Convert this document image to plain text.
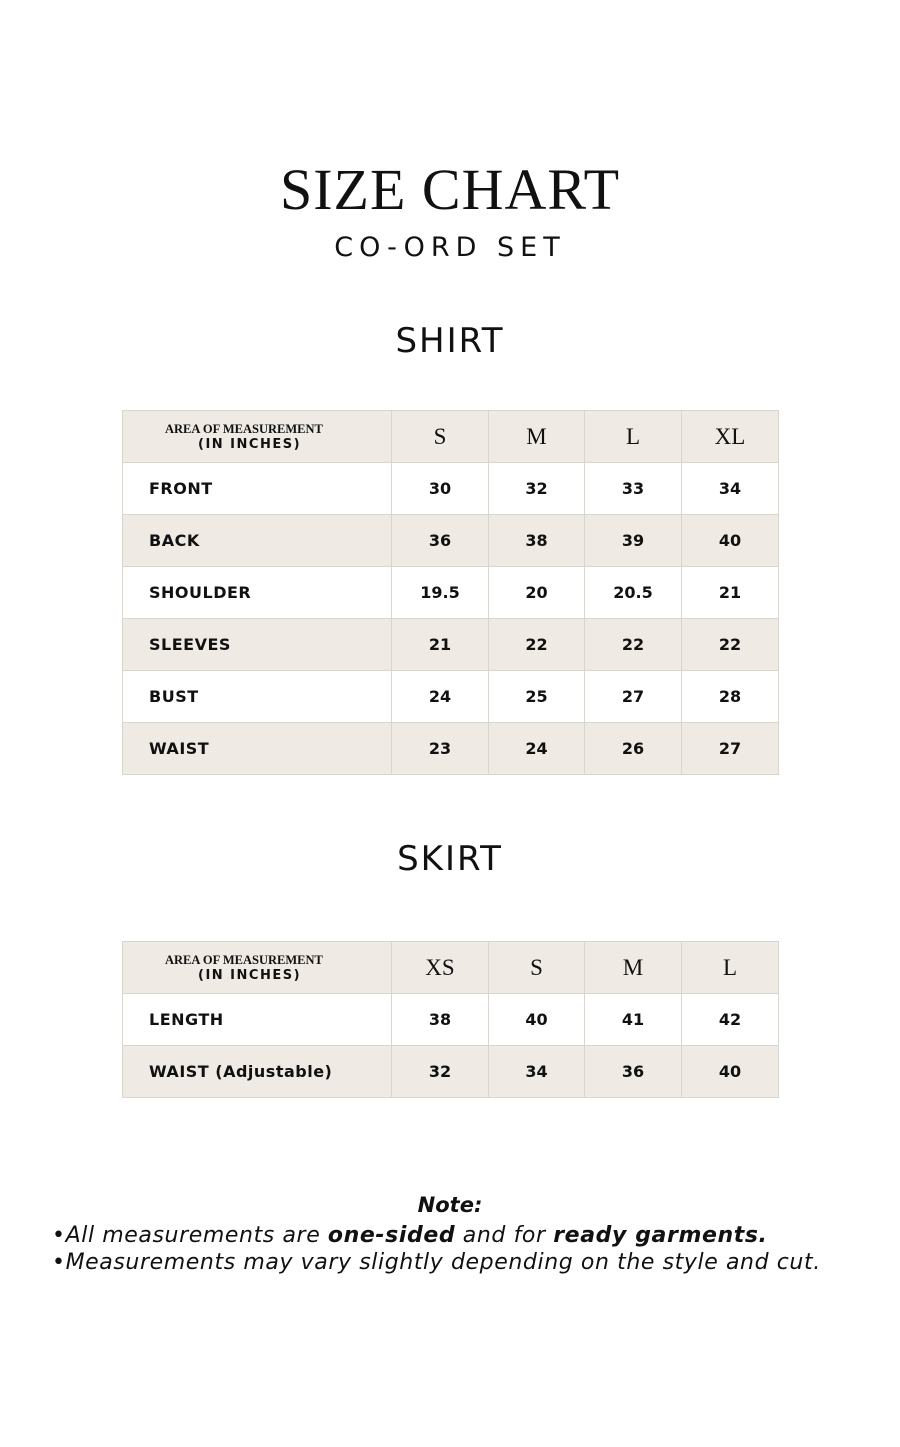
SIZE CHART
CO-ORD SET
SHIRT
AREA OF MEASUREMENT
(IN INCHES)	S	M	L	XL
FRONT	30	32	33	34
BACK	36	38	39	40
SHOULDER	19.5	20	20.5	21
SLEEVES	21	22	22	22
BUST	24	25	27	28
WAIST	23	24	26	27
SKIRT
AREA OF MEASUREMENT
(IN INCHES)	XS	S	M	L
LENGTH	38	40	41	42
WAIST (Adjustable)	32	34	36	40
Note:
•All measurements are one-sided and for ready garments.
•Measurements may vary slightly depending on the style and cut.
